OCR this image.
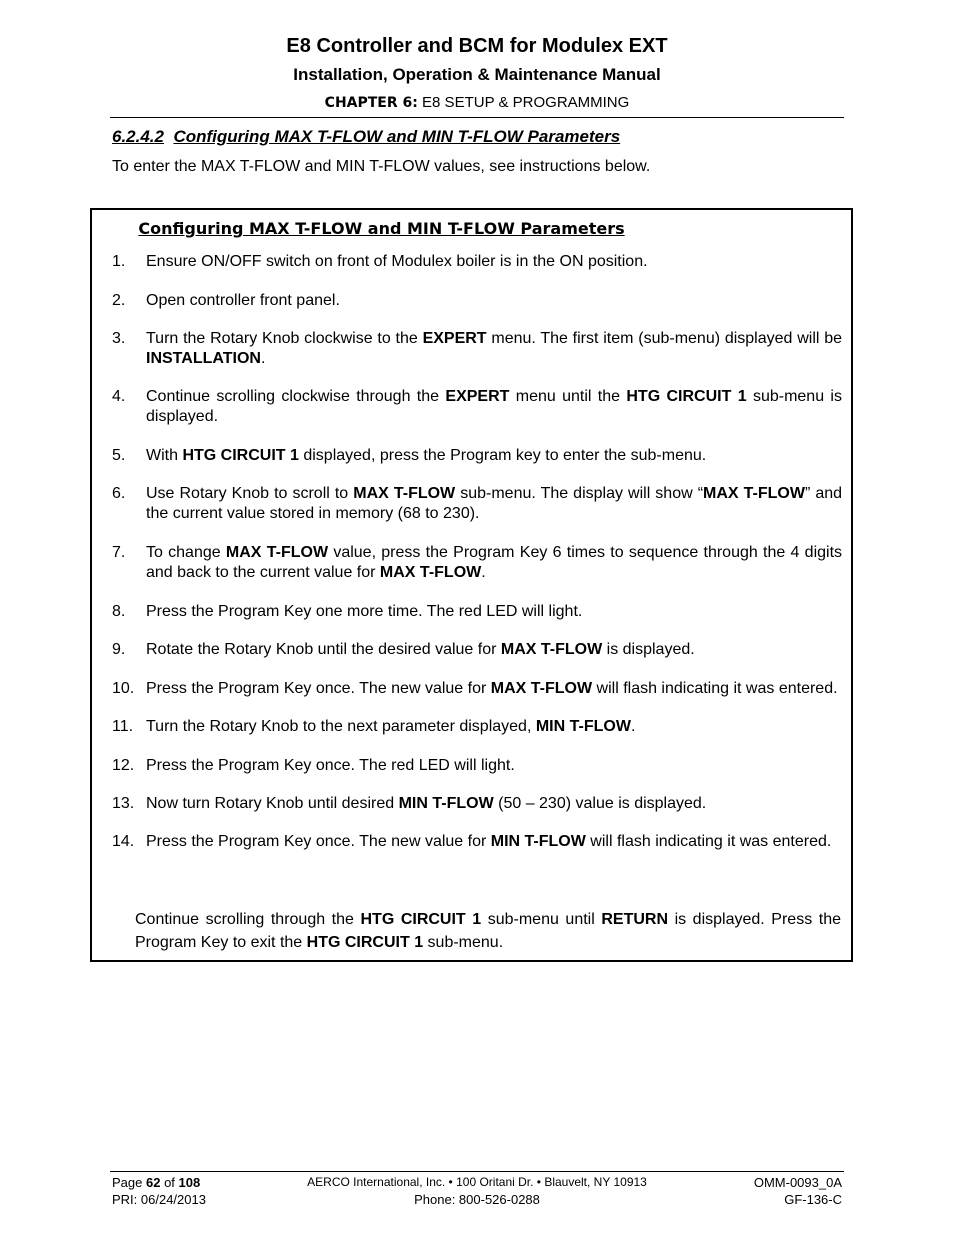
E8 Controller and BCM for Modulex EXT
Installation, Operation & Maintenance Manual
CHAPTER 6: E8 SETUP & PROGRAMMING
6.2.4.2 Configuring MAX T-FLOW and MIN T-FLOW Parameters
To enter the MAX T-FLOW and MIN T-FLOW values, see instructions below.
Configuring MAX T-FLOW and MIN T-FLOW Parameters
1. Ensure ON/OFF switch on front of Modulex boiler is in the ON position.
2. Open controller front panel.
3. Turn the Rotary Knob clockwise to the EXPERT menu. The first item (sub-menu) displayed will be INSTALLATION.
4. Continue scrolling clockwise through the EXPERT menu until the HTG CIRCUIT 1 sub-menu is displayed.
5. With HTG CIRCUIT 1 displayed, press the Program key to enter the sub-menu.
6. Use Rotary Knob to scroll to MAX T-FLOW sub-menu. The display will show “MAX T-FLOW” and the current value stored in memory (68 to 230).
7. To change MAX T-FLOW value, press the Program Key 6 times to sequence through the 4 digits and back to the current value for MAX T-FLOW.
8. Press the Program Key one more time. The red LED will light.
9. Rotate the Rotary Knob until the desired value for MAX T-FLOW is displayed.
10. Press the Program Key once. The new value for MAX T-FLOW will flash indicating it was entered.
11. Turn the Rotary Knob to the next parameter displayed, MIN T-FLOW.
12. Press the Program Key once. The red LED will light.
13. Now turn Rotary Knob until desired MIN T-FLOW (50 – 230) value is displayed.
14. Press the Program Key once. The new value for MIN T-FLOW will flash indicating it was entered.
Continue scrolling through the HTG CIRCUIT 1 sub-menu until RETURN is displayed. Press the Program Key to exit the HTG CIRCUIT 1 sub-menu.
Page 62 of 108
PRI: 06/24/2013
AERCO International, Inc. • 100 Oritani Dr. • Blauvelt, NY 10913
Phone: 800-526-0288
OMM-0093_0A
GF-136-C
